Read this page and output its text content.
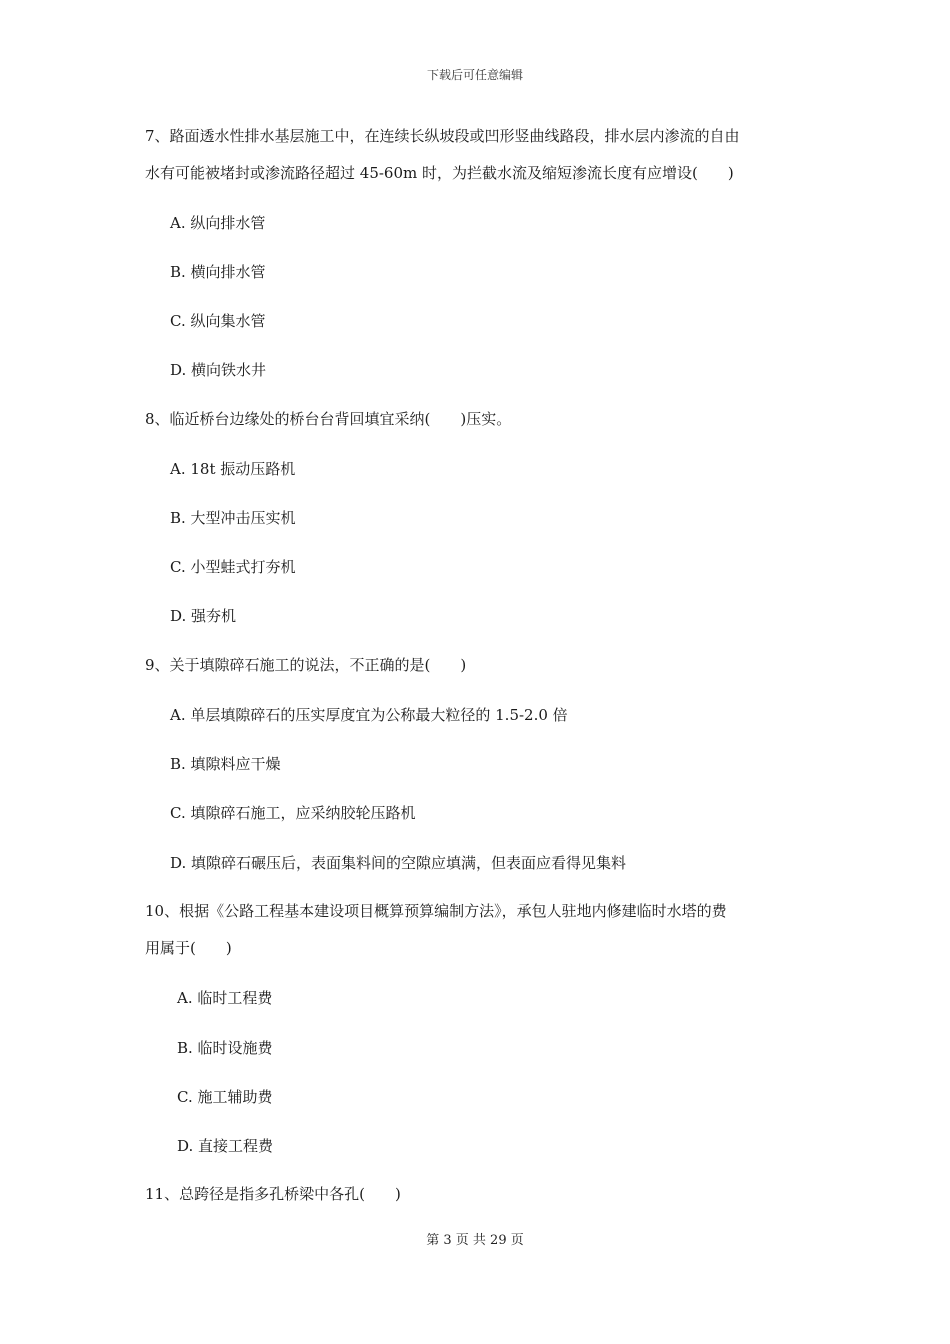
下载后可任意编辑
7、路面透水性排水基层施工中，在连续长纵坡段或凹形竖曲线路段，排水层内渗流的自由
水有可能被堵封或渗流路径超过 45-60m 时，为拦截水流及缩短渗流长度有应增设(　　)
A. 纵向排水管
B. 横向排水管
C. 纵向集水管
D. 横向铁水井
8、临近桥台边缘处的桥台台背回填宜采纳(　　)压实。
A. 18t 振动压路机
B. 大型冲击压实机
C. 小型蛙式打夯机
D. 强夯机
9、关于填隙碎石施工的说法，不正确的是(　　)
A. 单层填隙碎石的压实厚度宜为公称最大粒径的 1.5-2.0 倍
B. 填隙料应干燥
C. 填隙碎石施工，应采纳胶轮压路机
D. 填隙碎石碾压后，表面集料间的空隙应填满，但表面应看得见集料
10、根据《公路工程基本建设项目概算预算编制方法》，承包人驻地内修建临时水塔的费
用属于(　　)
A. 临时工程费
B. 临时设施费
C. 施工辅助费
D. 直接工程费
11、总跨径是指多孔桥梁中各孔(　　)
第 3 页 共 29 页
